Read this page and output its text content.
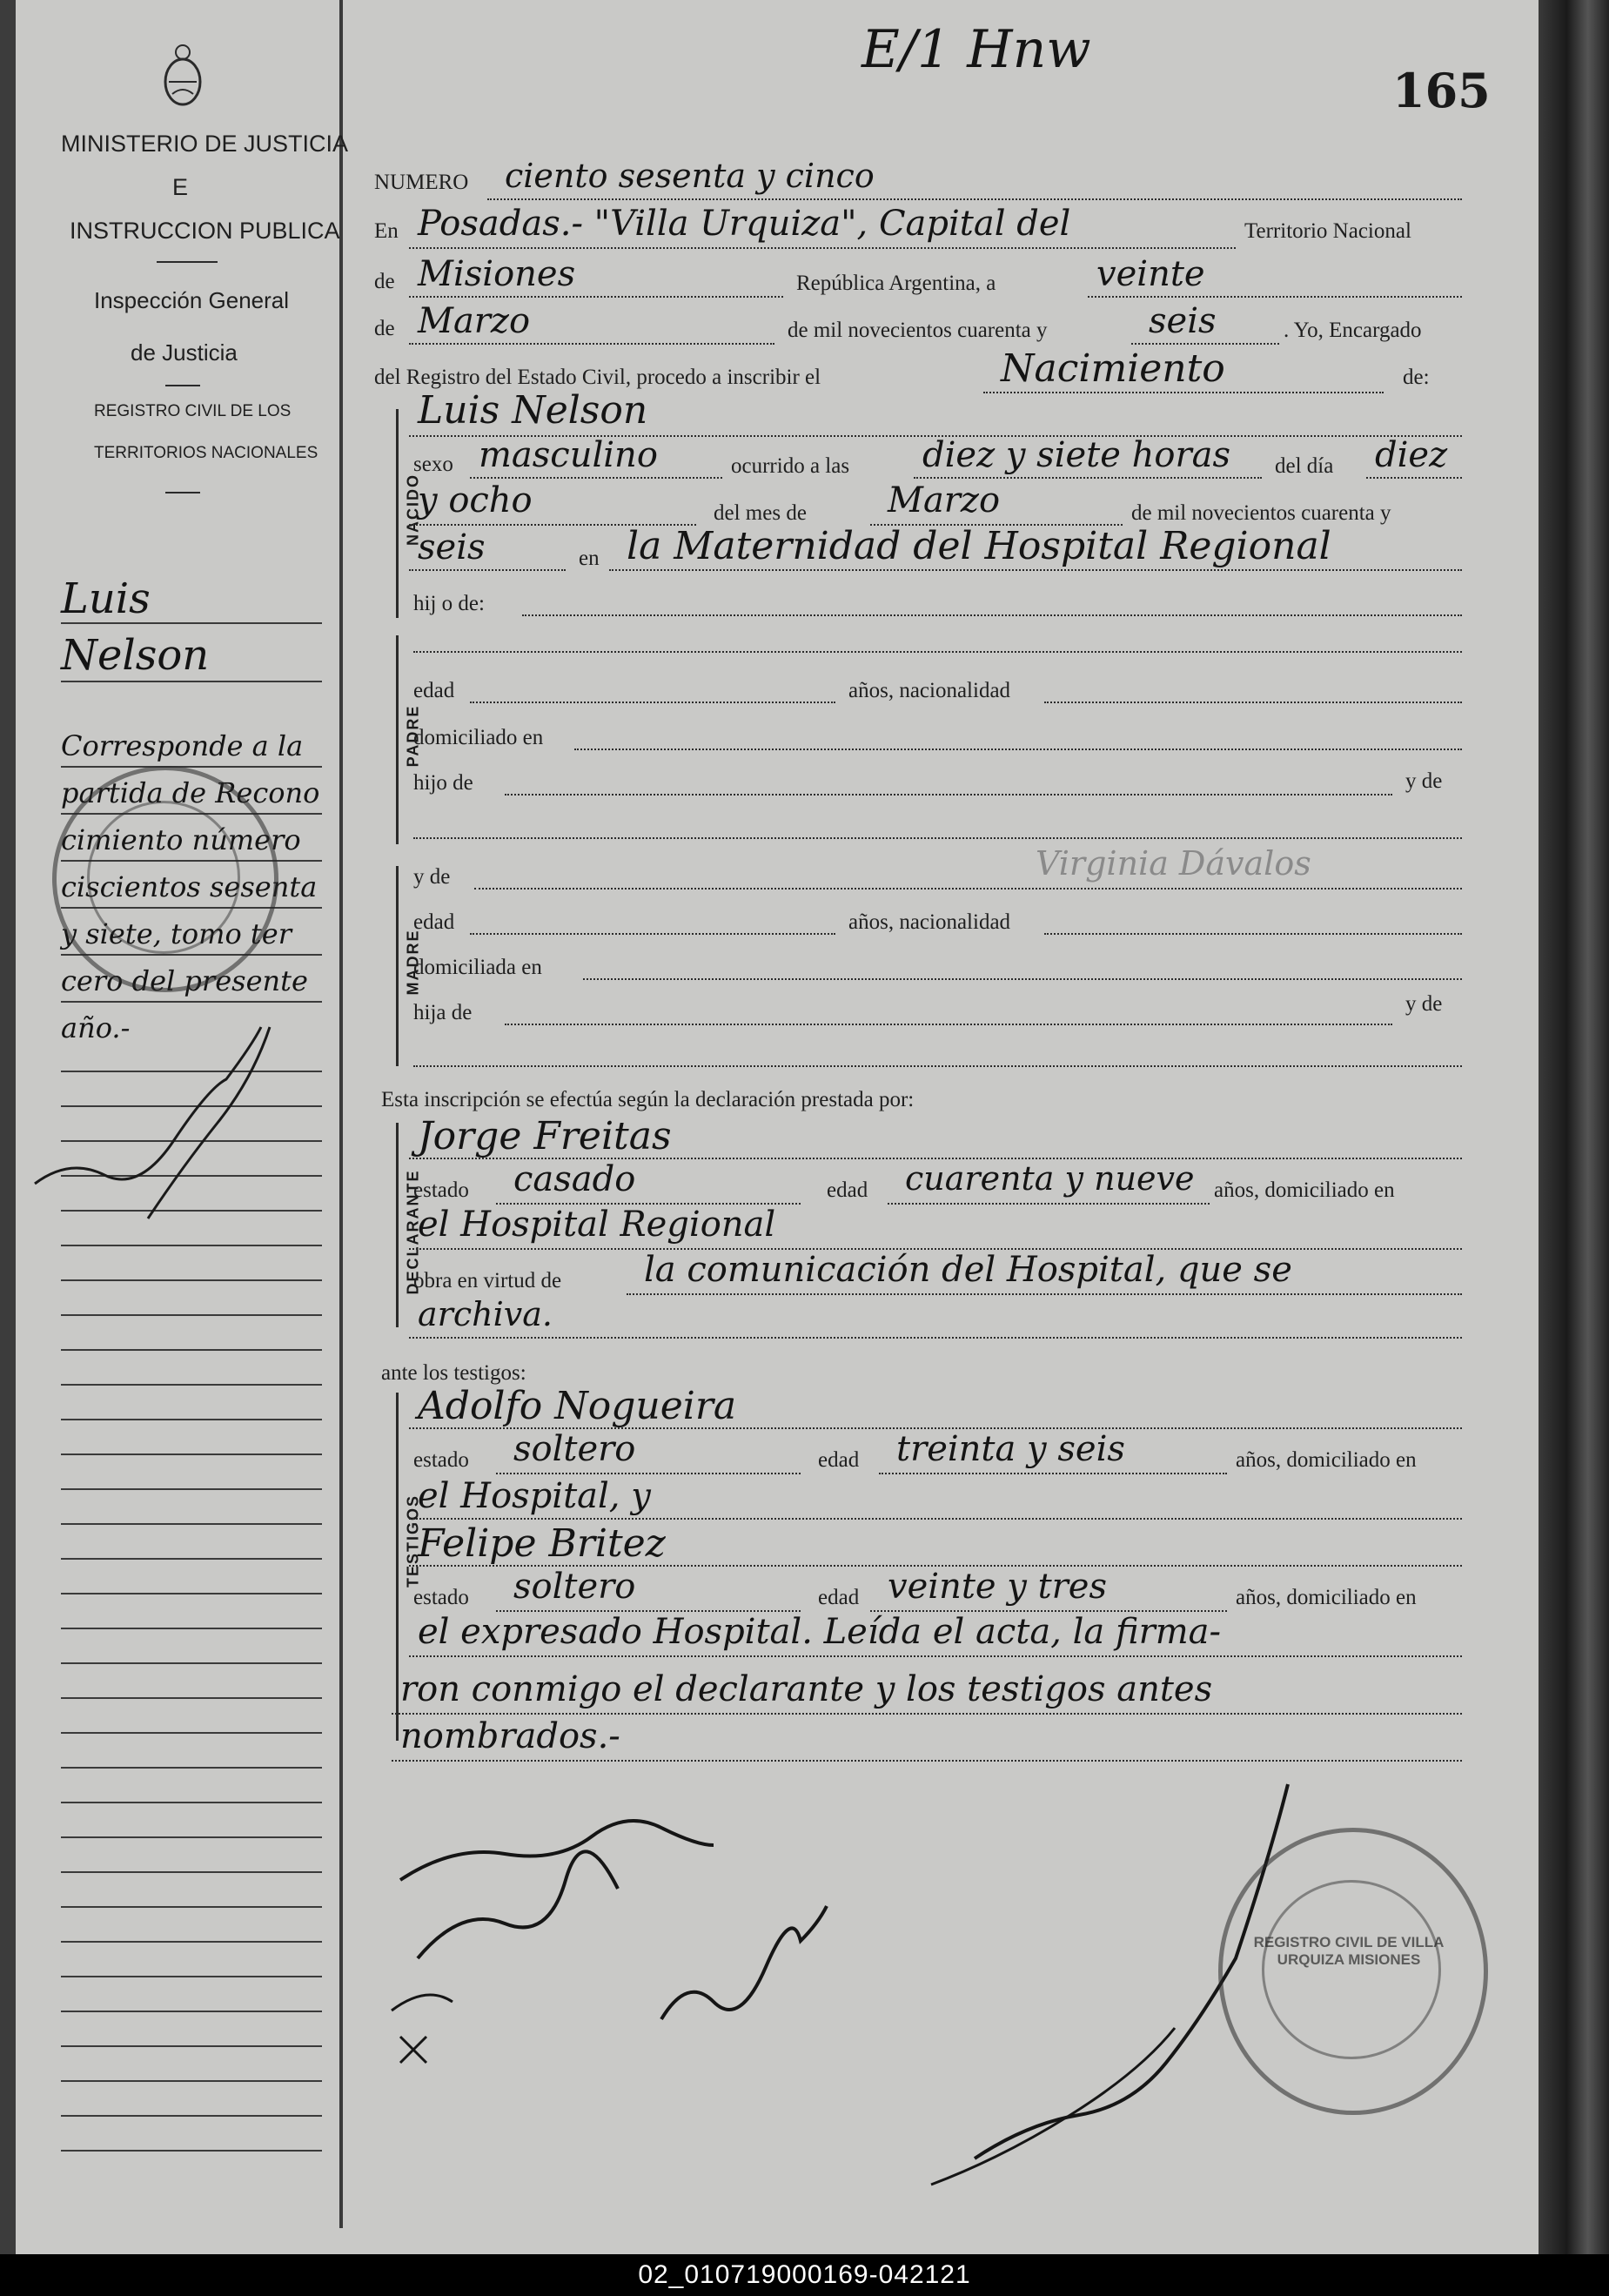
MINISTERIO DE JUSTICIA
E
INSTRUCCION PUBLICA
Inspección General
de Justicia
REGISTRO CIVIL DE LOS
TERRITORIOS NACIONALES
E/1 Hnw
165
Luis
Nelson
Corresponde a la
partida de Recono
cimiento número
ciscientos sesenta
y siete, tomo ter
cero del presente
año.-
NUMERO ciento sesenta y cinco
En Posadas.- "Villa Urquiza", Capital del	Territorio Nacional
de Misiones	República Argentina, a	veinte
de Marzo	de mil novecientos cuarenta y	seis	. Yo, Encargado
del Registro del Estado Civil, procedo a inscribir el	Nacimiento	de:
Luis Nelson
NACIDO
sexo masculino	ocurrido a las diez y siete horas del día diez
y ocho	del mes de Marzo	de mil novecientos cuarenta y
seis	en la Maternidad del Hospital Regional
hij o de:
PADRE
edad	años, nacionalidad
domiciliado en
hijo de	y de
MADRE
Virginia Dávalos
y de
edad	años, nacionalidad
domiciliada en
hija de	y de
Esta inscripción se efectúa según la declaración prestada por:
DECLARANTE
Jorge Freitas
estado casado	edad cuarenta y nueve años, domiciliado en
el Hospital Regional
obra en virtud de la comunicación del Hospital, que se
archiva.
ante los testigos:
TESTIGOS
Adolfo Nogueira
estado soltero	edad treinta y seis	años, domiciliado en
el Hospital, y
Felipe Britez
estado soltero	edad veinte y tres	años, domiciliado en
el expresado Hospital. Leída el acta, la firma-
ron conmigo el declarante y los testigos antes
nombrados.-
REGISTRO CIVIL DE VILLA URQUIZA MISIONES
02_010719000169-042121
